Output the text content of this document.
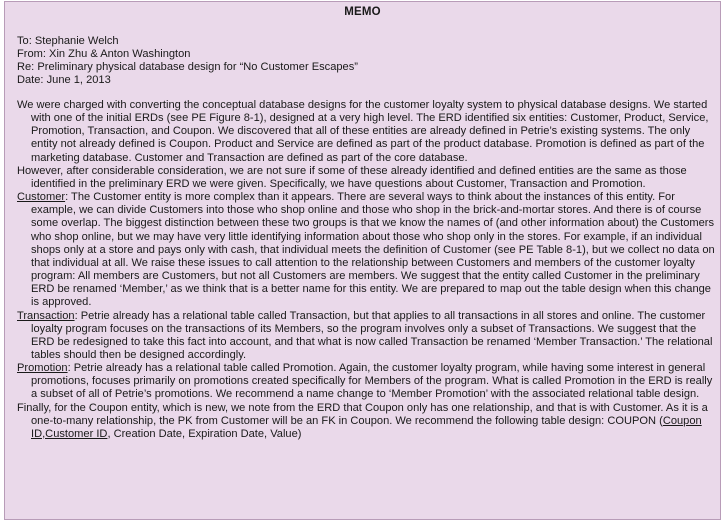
MEMO
To: Stephanie Welch
From: Xin Zhu & Anton Washington
Re: Preliminary physical database design for “No Customer Escapes”
Date: June 1, 2013

We were charged with converting the conceptual database designs for the customer loyalty system to physical database designs. We started with one of the initial ERDs (see PE Figure 8-1), designed at a very high level. The ERD identified six entities: Customer, Product, Service, Promotion, Transaction, and Coupon. We discovered that all of these entities are already defined in Petrie’s existing systems. The only entity not already defined is Coupon. Product and Service are defined as part of the product database. Promotion is defined as part of the marketing database. Customer and Transaction are defined as part of the core database.

However, after considerable consideration, we are not sure if some of these already identified and defined entities are the same as those identified in the preliminary ERD we were given. Specifically, we have questions about Customer, Transaction and Promotion.

Customer: The Customer entity is more complex than it appears. There are several ways to think about the instances of this entity. For example, we can divide Customers into those who shop online and those who shop in the brick-and-mortar stores. And there is of course some overlap. The biggest distinction between these two groups is that we know the names of (and other information about) the Customers who shop online, but we may have very little identifying information about those who shop only in the stores. For example, if an individual shops only at a store and pays only with cash, that individual meets the definition of Customer (see PE Table 8-1), but we collect no data on that individual at all. We raise these issues to call attention to the relationship between Customers and members of the customer loyalty program: All members are Customers, but not all Customers are members. We suggest that the entity called Customer in the preliminary ERD be renamed ‘Member,’ as we think that is a better name for this entity. We are prepared to map out the table design when this change is approved.

Transaction: Petrie already has a relational table called Transaction, but that applies to all transactions in all stores and online. The customer loyalty program focuses on the transactions of its Members, so the program involves only a subset of Transactions. We suggest that the ERD be redesigned to take this fact into account, and that what is now called Transaction be renamed ‘Member Transaction.’ The relational tables should then be designed accordingly.

Promotion: Petrie already has a relational table called Promotion. Again, the customer loyalty program, while having some interest in general promotions, focuses primarily on promotions created specifically for Members of the program. What is called Promotion in the ERD is really a subset of all of Petrie’s promotions. We recommend a name change to ‘Member Promotion’ with the associated relational table design.

Finally, for the Coupon entity, which is new, we note from the ERD that Coupon only has one relationship, and that is with Customer. As it is a one-to-many relationship, the PK from Customer will be an FK in Coupon. We recommend the following table design: COUPON (Coupon ID,Customer ID, Creation Date, Expiration Date, Value)
